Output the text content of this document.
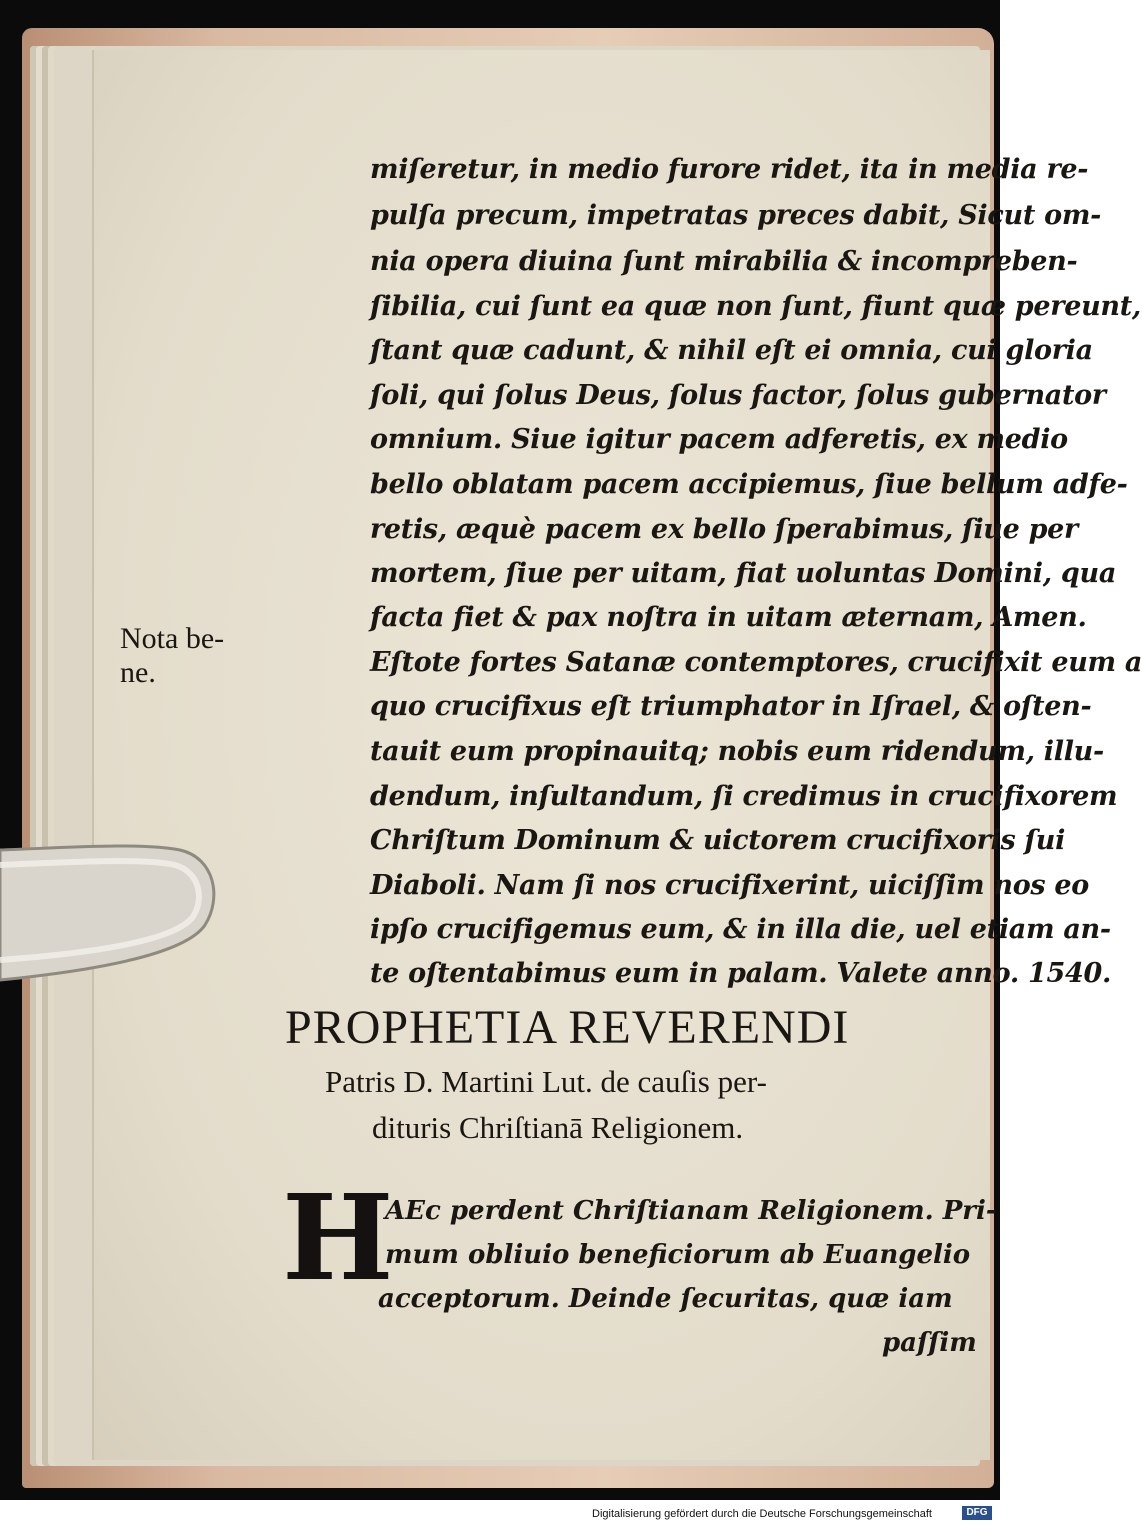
miſeretur, in medio furore ridet, ita in media re-
pulſa precum, impetratas preces dabit, Sicut om-
nia opera diuina ſunt mirabilia & incompreben-
ſibilia, cui ſunt ea quæ non ſunt, fiunt quæ pereunt,
ſtant quæ cadunt, & nihil eſt ei omnia, cui gloria
ſoli, qui ſolus Deus, ſolus factor, ſolus gubernator
omnium. Siue igitur pacem adferetis, ex medio
bello oblatam pacem accipiemus, ſiue bellum adfe-
retis, æquè pacem ex bello ſperabimus, ſiue per
mortem, ſiue per uitam, fiat uoluntas Domini, qua
facta fiet & pax noſtra in uitam æternam, Amen.
Eſtote fortes Satanæ contemptores, crucifixit eum a
quo crucifixus eſt triumphator in Iſrael, & oſten-
tauit eum propinauitq; nobis eum ridendum, illu-
dendum, inſultandum, ſi credimus in crucifixorem
Chriſtum Dominum & uictorem crucifixoris ſui
Diaboli. Nam ſi nos crucifixerint, uiciſſim nos eo
ipſo crucifigemus eum, & in illa die, uel etiam an-
te oſtentabimus eum in palam. Valete anno. 1540.
Nota be-
ne.
PROPHETIA REVERENDI
Patris D. Martini Lut. de cauſis per-
dituris Chriſtianā Religionem.
H
AEc perdent Chriſtianam Religionem. Pri-
mum obliuio beneficiorum ab Euangelio
acceptorum. Deinde ſecuritas, quæ iam
paſſim
Digitalisierung gefördert durch die Deutsche Forschungsgemeinschaft	DFG
